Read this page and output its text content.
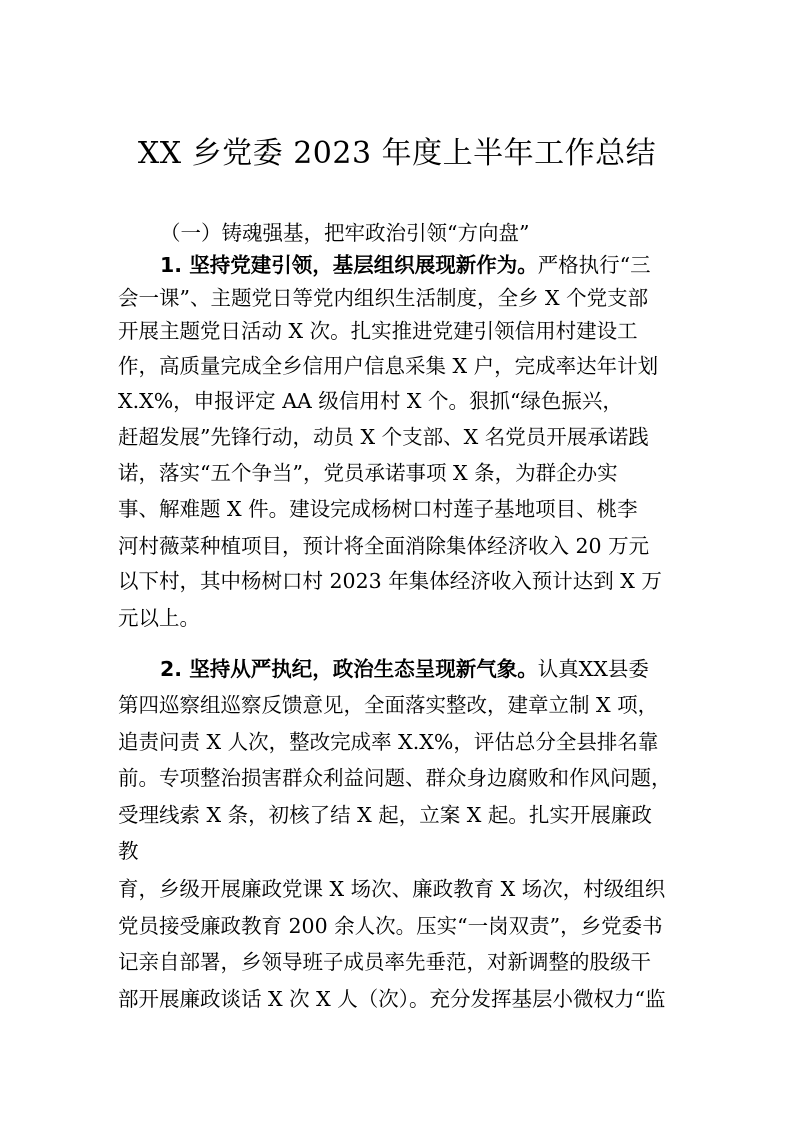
XX 乡党委 2023 年度上半年工作总结
（一）铸魂强基，把牢政治引领“方向盘”
1. 坚持党建引领，基层组织展现新作为。严格执行“三
会一课”、主题党日等党内组织生活制度，全乡 X 个党支部
开展主题党日活动 X 次。扎实推进党建引领信用村建设工
作，高质量完成全乡信用户信息采集 X 户，完成率达年计划
X.X%，申报评定 AA 级信用村 X 个。狠抓“绿色振兴，
赶超发展”先锋行动，动员 X 个支部、X 名党员开展承诺践
诺，落实“五个争当”，党员承诺事项 X 条，为群企办实
事、解难题 X 件。建设完成杨树口村莲子基地项目、桃李
河村薇菜种植项目，预计将全面消除集体经济收入 20 万元
以下村，其中杨树口村 2023 年集体经济收入预计达到 X 万
元以上。
2. 坚持从严执纪，政治生态呈现新气象。认真XX县委
第四巡察组巡察反馈意见，全面落实整改，建章立制 X 项，
追责问责 X 人次，整改完成率 X.X%，评估总分全县排名靠
前。专项整治损害群众利益问题、群众身边腐败和作风问题，
受理线索 X 条，初核了结 X 起，立案 X 起。扎实开展廉政
教
育，乡级开展廉政党课 X 场次、廉政教育 X 场次，村级组织
党员接受廉政教育 200 余人次。压实“一岗双责”，乡党委书
记亲自部署，乡领导班子成员率先垂范，对新调整的股级干
部开展廉政谈话 X 次 X 人（次）。充分发挥基层小微权力“监
